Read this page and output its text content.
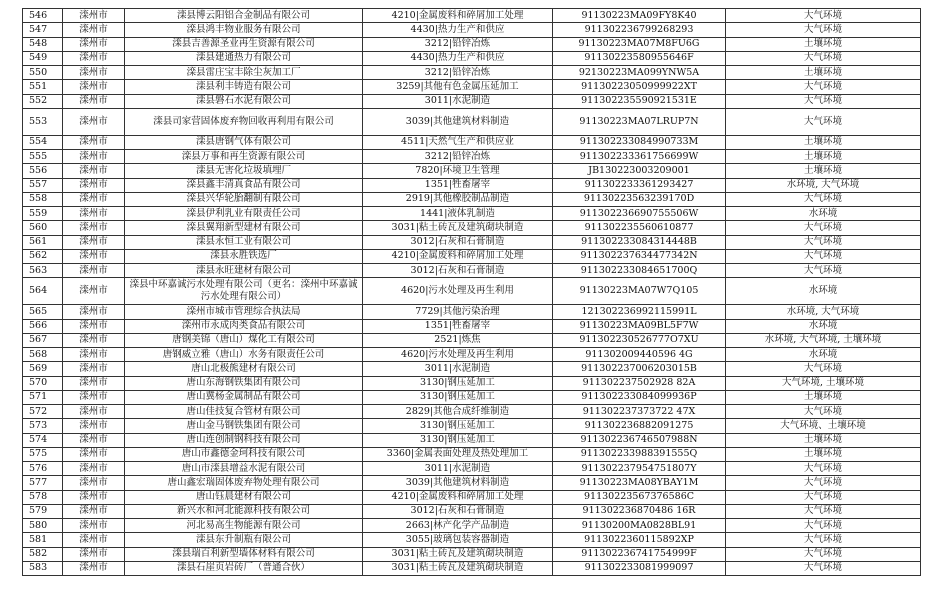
546	滦州市	滦县博云阳铝合金制品有限公司	4210|金属废料和碎屑加工处理	91130223MA09FY8K40	大气环境
547	滦州市	滦县鸿丰物业服务有限公司	4430|热力生产和供应	911302236799268293	大气环境
548	滦州市	滦县吉善源圣业再生资源有限公司	3212|铅锌冶炼	91130223MA07M8FU6G	土壤环境
549	滦州市	滦县建通热力有限公司	4430|热力生产和供应	91130223580955646F	大气环境
550	滦州市	滦县雷庄宝丰除尘灰加工厂	3212|铅锌冶炼	92130223MA099YNW5A	土壤环境
551	滦州市	滦县利丰铸造有限公司	3259|其他有色金属压延加工	91130223050999922XT	大气环境
552	滦州市	滦县磐石水泥有限公司	3011|水泥制造	911302235590921531E	大气环境
553	滦州市	滦县司家营固体废弃物回收再利用有限公司	3039|其他建筑材料制造	91130223MA07LRUP7N	大气环境
554	滦州市	滦县唐钢气体有限公司	4511|天然气生产和供应业	911302233084990733M	土壤环境
555	滦州市	滦县万事和再生资源有限公司	3212|铅锌冶炼	911302233361756699W	土壤环境
556	滦州市	滦县无害化垃圾填埋厂	7820|环境卫生管理	JB130223003209001	土壤环境
557	滦州市	滦县鑫丰清真食品有限公司	1351|牲畜屠宰	911302233361293427	水环境, 大气环境
558	滦州市	滦县兴华轮胎翻制有限公司	2919|其他橡胶制品制造	91130223563239170D	大气环境
559	滦州市	滦县伊利乳业有限责任公司	1441|液体乳制造	911302236690755506W	水环境
560	滦州市	滦县翼翔新型建材有限公司	3031|粘土砖瓦及建筑砌块制造	911302235560610877	大气环境
561	滦州市	滦县永恒工业有限公司	3012|石灰和石膏制造	911302233084314448B	大气环境
562	滦州市	滦县永胜铁选厂	4210|金属废料和碎屑加工处理	911302237634477342N	大气环境
563	滦州市	滦县永旺建材有限公司	3012|石灰和石膏制造	911302233084651700Q	大气环境
564	滦州市	滦县中环嘉诚污水处理有限公司（更名：滦州中环嘉诚污水处理有限公司）	4620|污水处理及再生利用	91130223MA07W7Q105	水环境
565	滦州市	滦州市城市管理综合执法局	7729|其他污染治理	121302236992115991L	水环境, 大气环境
566	滦州市	滦州市永成肉类食品有限公司	1351|牲畜屠宰	91130223MA09BL5F7W	水环境
567	滦州市	唐钢美锦（唐山）煤化工有限公司	2521|炼焦	911302230526777O7XU	水环境, 大气环境, 土壤环境
568	滦州市	唐钢威立雅（唐山）水务有限责任公司	4620|污水处理及再生利用	911302009440596 4G	水环境
569	滦州市	唐山北极熊建材有限公司	3011|水泥制造	911302237006203015B	大气环境
570	滦州市	唐山东海钢铁集团有限公司	3130|钢压延加工	911302237502928 82A	大气环境, 土壤环境
571	滦州市	唐山冀杨金属制品有限公司	3130|钢压延加工	911302233084099936P	土壤环境
572	滦州市	唐山佳技复合管材有限公司	2829|其他合成纤维制造	911302237373722 47X	大气环境
573	滦州市	唐山金马钢铁集团有限公司	3130|钢压延加工	911302236882091275	大气环境、土壤环境
574	滦州市	唐山连创制钢科技有限公司	3130|钢压延加工	911302236746507988N	土壤环境
575	滦州市	唐山市鑫德金珂科技有限公司	3360|金属表面处理及热处理加工	911302233988391555Q	土壤环境
576	滦州市	唐山市滦县增益水泥有限公司	3011|水泥制造	911302237954751807Y	大气环境
577	滦州市	唐山鑫宏瑞固体废弃物处理有限公司	3039|其他建筑材料制造	91130223MA08YBAY1M	大气环境
578	滦州市	唐山钰晨建材有限公司	4210|金属废料和碎屑加工处理	91130223567376586C	大气环境
579	滦州市	新兴水和河北能源科技有限公司	3012|石灰和石膏制造	911302236870486 16R	大气环境
580	滦州市	河北易高生物能源有限公司	2663|林产化学产品制造	91130200MA0828BL91	大气环境
581	滦州市	滦县东升制瓶有限公司	3055|玻璃包装容器制造	9113022360115892XP	大气环境
582	滦州市	滦县瑞百利新型墙体材料有限公司	3031|粘土砖瓦及建筑砌块制造	911302236741754999F	大气环境
583	滦州市	滦县石崖页岩砖厂（普通合伙）	3031|粘土砖瓦及建筑砌块制造	911302233081999097	大气环境
